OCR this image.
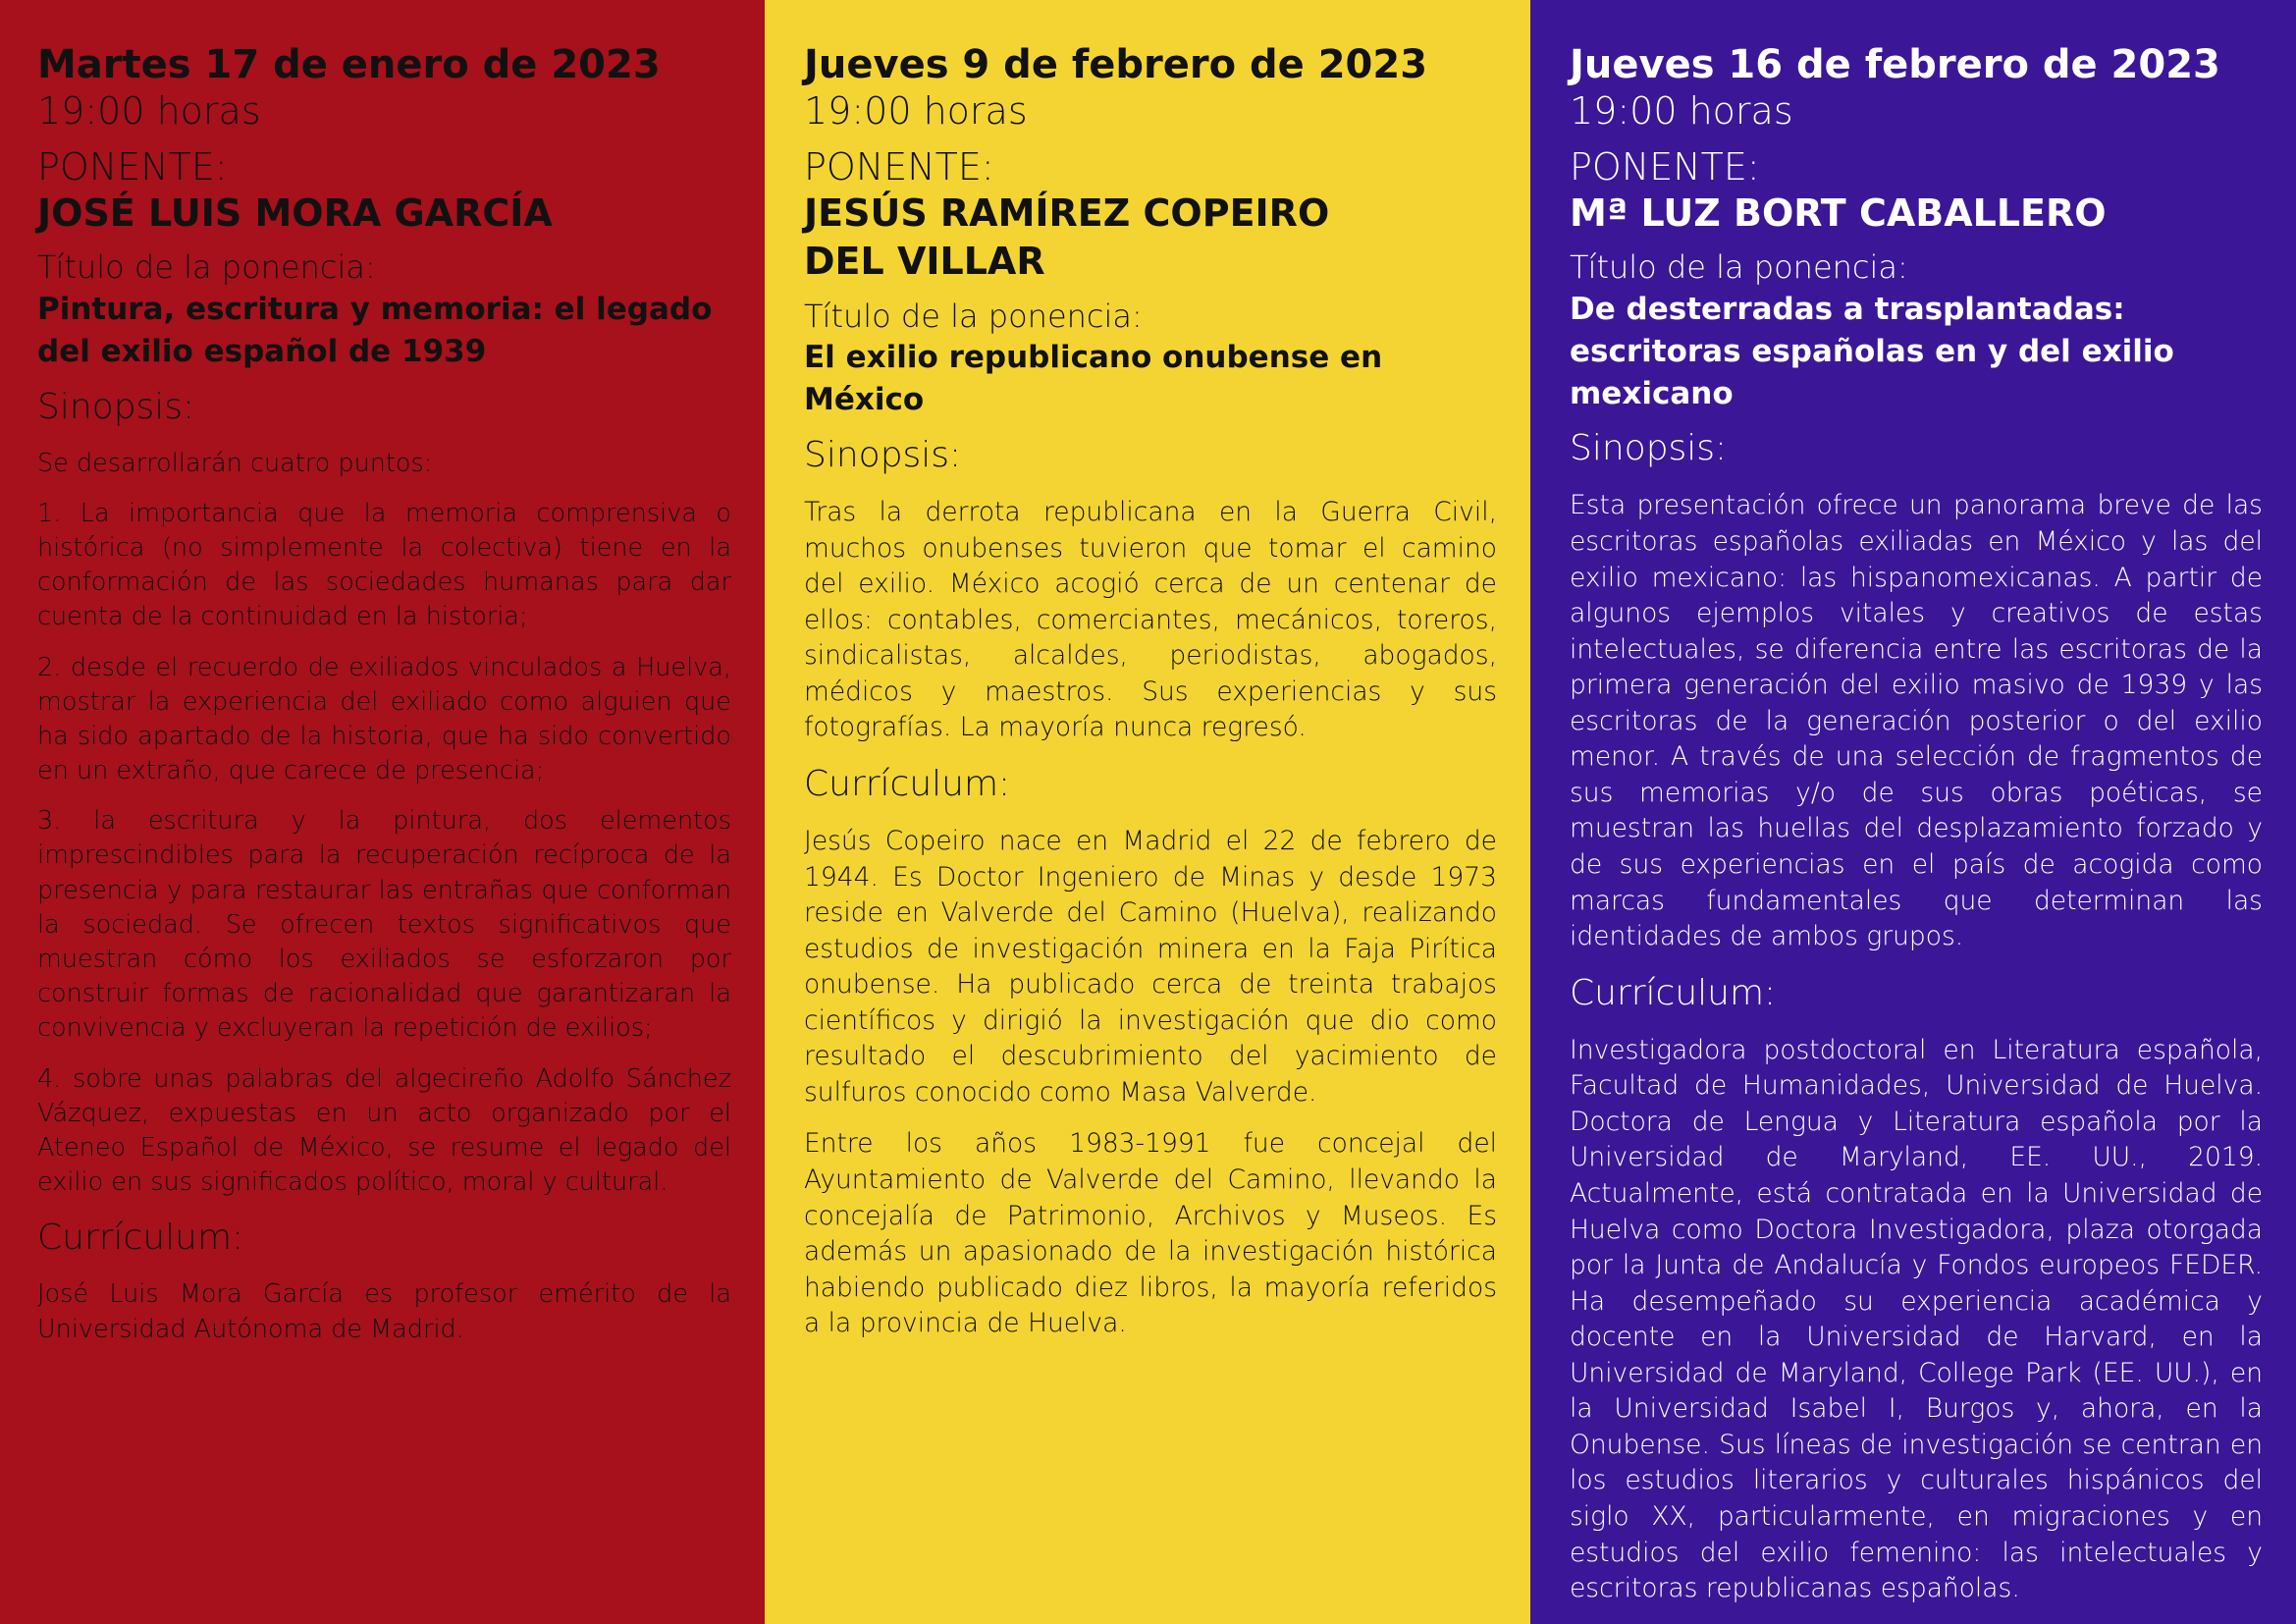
Martes 17 de enero de 2023

19:00 horas

PONENTE:

JOSÉ LUIS MORA GARCÍA

Título de la ponencia:

Pintura, escritura y memoria: el legado del exilio español de 1939

Sinopsis:

Se desarrollarán cuatro puntos:

1. La importancia que la memoria comprensiva o histórica (no simplemente la colectiva) tiene en la conformación de las sociedades humanas para dar cuenta de la continuidad en la historia;

2. desde el recuerdo de exiliados vinculados a Huelva, mostrar la experiencia del exiliado como alguien que ha sido apartado de la historia, que ha sido convertido en un extraño, que carece de presencia;

3. la escritura y la pintura, dos elementos imprescindibles para la recuperación recíproca de la presencia y para restaurar las entrañas que conforman la sociedad. Se ofrecen textos significativos que muestran cómo los exiliados se esforzaron por construir formas de racionalidad que garantizaran la convivencia y excluyeran la repetición de exilios;

4. sobre unas palabras del algecireño Adolfo Sánchez Vázquez, expuestas en un acto organizado por el Ateneo Español de México, se resume el legado del exilio en sus significados político, moral y cultural.

Currículum:

José Luis Mora García es profesor emérito de la Universidad Autónoma de Madrid.

Jueves 9 de febrero de 2023

19:00 horas

PONENTE:

JESÚS RAMÍREZ COPEIRO DEL VILLAR

Título de la ponencia:

El exilio republicano onubense en México

Sinopsis:

Tras la derrota republicana en la Guerra Civil, muchos onubenses tuvieron que tomar el camino del exilio. México acogió cerca de un centenar de ellos: contables, comerciantes, mecánicos, toreros, sindicalistas, alcaldes, periodistas, abogados, médicos y maestros. Sus experiencias y sus fotografías. La mayoría nunca regresó.

Currículum:

Jesús Copeiro nace en Madrid el 22 de febrero de 1944. Es Doctor Ingeniero de Minas y desde 1973 reside en Valverde del Camino (Huelva), realizando estudios de investigación minera en la Faja Pirítica onubense. Ha publicado cerca de treinta trabajos científicos y dirigió la investigación que dio como resultado el descubrimiento del yacimiento de sulfuros conocido como Masa Valverde.

Entre los años 1983-1991 fue concejal del Ayuntamiento de Valverde del Camino, llevando la concejalía de Patrimonio, Archivos y Museos. Es además un apasionado de la investigación histórica habiendo publicado diez libros, la mayoría referidos a la provincia de Huelva.

Jueves 16 de febrero de 2023

19:00 horas

PONENTE:

Mª LUZ BORT CABALLERO

Título de la ponencia:

De desterradas a trasplantadas: escritoras españolas en y del exilio mexicano

Sinopsis:

Esta presentación ofrece un panorama breve de las escritoras españolas exiliadas en México y las del exilio mexicano: las hispanomexicanas. A partir de algunos ejemplos vitales y creativos de estas intelectuales, se diferencia entre las escritoras de la primera generación del exilio masivo de 1939 y las escritoras de la generación posterior o del exilio menor. A través de una selección de fragmentos de sus memorias y/o de sus obras poéticas, se muestran las huellas del desplazamiento forzado y de sus experiencias en el país de acogida como marcas fundamentales que determinan las identidades de ambos grupos.

Currículum:

Investigadora postdoctoral en Literatura española, Facultad de Humanidades, Universidad de Huelva. Doctora de Lengua y Literatura española por la Universidad de Maryland, EE. UU., 2019. Actualmente, está contratada en la Universidad de Huelva como Doctora Investigadora, plaza otorgada por la Junta de Andalucía y Fondos europeos FEDER. Ha desempeñado su experiencia académica y docente en la Universidad de Harvard, en la Universidad de Maryland, College Park (EE. UU.), en la Universidad Isabel I, Burgos y, ahora, en la Onubense. Sus líneas de investigación se centran en los estudios literarios y culturales hispánicos del siglo XX, particularmente, en migraciones y en estudios del exilio femenino: las intelectuales y escritoras republicanas españolas.
